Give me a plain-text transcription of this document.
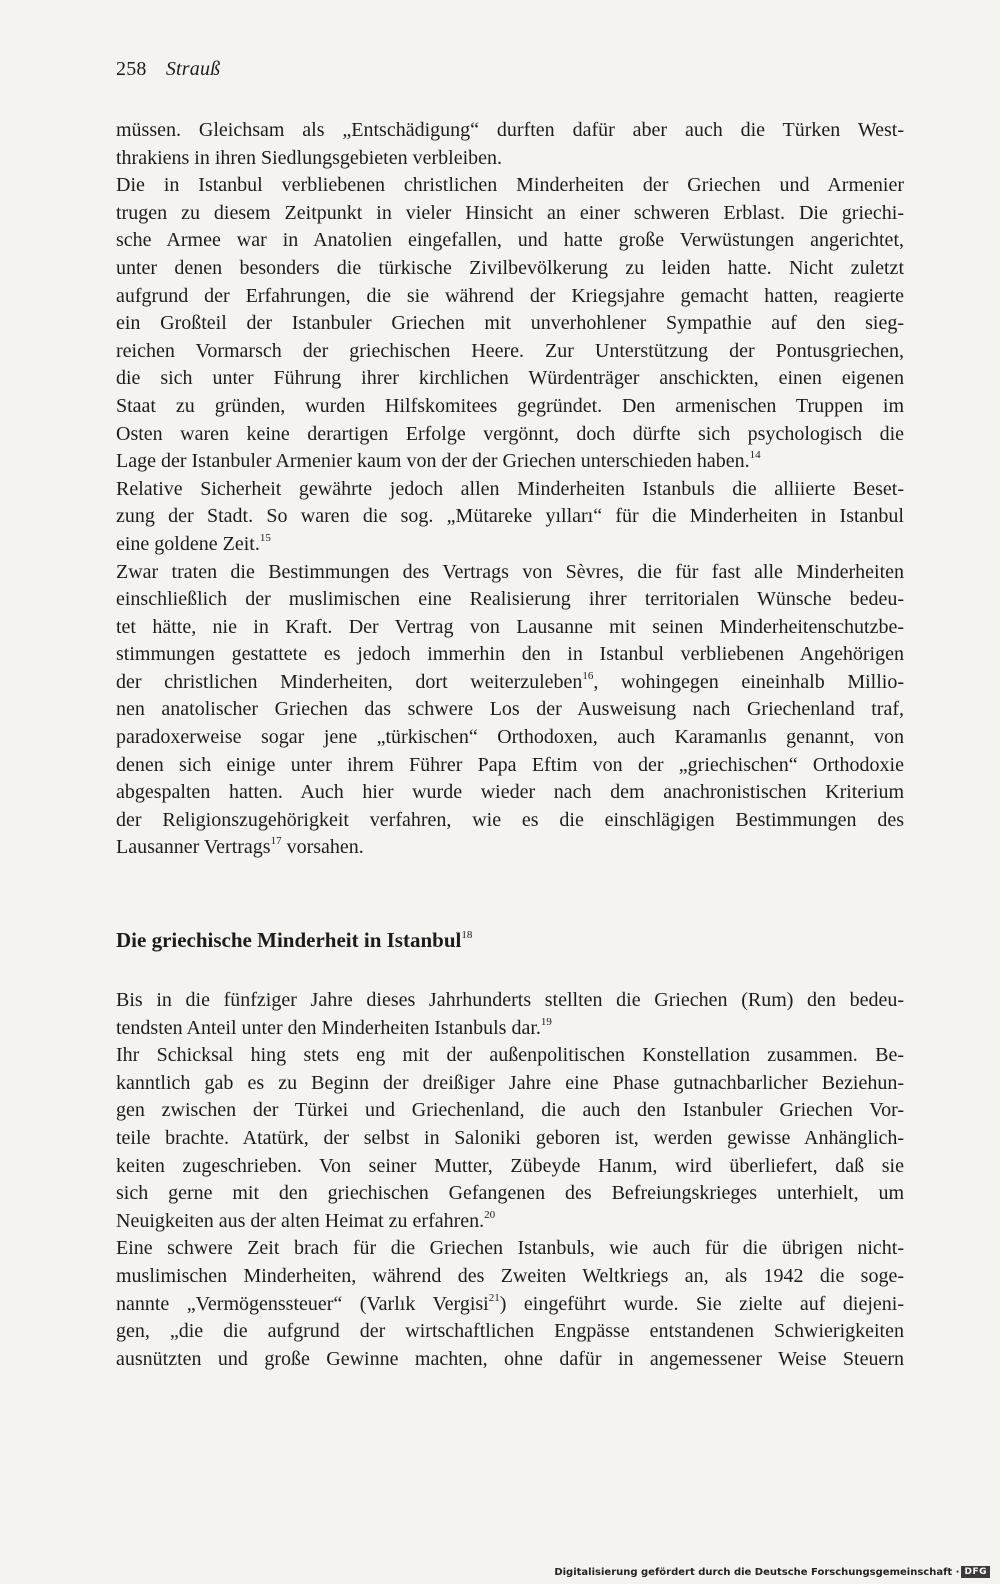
258 Strauß
müssen. Gleichsam als „Entschädigung“ durften dafür aber auch die Türken West-
thrakiens in ihren Siedlungsgebieten verbleiben.
Die in Istanbul verbliebenen christlichen Minderheiten der Griechen und Armenier
trugen zu diesem Zeitpunkt in vieler Hinsicht an einer schweren Erblast. Die griechi-
sche Armee war in Anatolien eingefallen, und hatte große Verwüstungen angerichtet,
unter denen besonders die türkische Zivilbevölkerung zu leiden hatte. Nicht zuletzt
aufgrund der Erfahrungen, die sie während der Kriegsjahre gemacht hatten, reagierte
ein Großteil der Istanbuler Griechen mit unverhohlener Sympathie auf den sieg-
reichen Vormarsch der griechischen Heere. Zur Unterstützung der Pontusgriechen,
die sich unter Führung ihrer kirchlichen Würdenträger anschickten, einen eigenen
Staat zu gründen, wurden Hilfskomitees gegründet. Den armenischen Truppen im
Osten waren keine derartigen Erfolge vergönnt, doch dürfte sich psychologisch die
Lage der Istanbuler Armenier kaum von der der Griechen unterschieden haben.$^{14}$
Relative Sicherheit gewährte jedoch allen Minderheiten Istanbuls die alliierte Beset-
zung der Stadt. So waren die sog. „Mütareke yılları“ für die Minderheiten in Istanbul
eine goldene Zeit.$^{15}$
Zwar traten die Bestimmungen des Vertrags von Sèvres, die für fast alle Minderheiten
einschließlich der muslimischen eine Realisierung ihrer territorialen Wünsche bedeu-
tet hätte, nie in Kraft. Der Vertrag von Lausanne mit seinen Minderheitenschutzbe-
stimmungen gestattete es jedoch immerhin den in Istanbul verbliebenen Angehörigen
der christlichen Minderheiten, dort weiterzuleben$^{16}$, wohingegen eineinhalb Millio-
nen anatolischer Griechen das schwere Los der Ausweisung nach Griechenland traf,
paradoxerweise sogar jene „türkischen“ Orthodoxen, auch Karamanlıs genannt, von
denen sich einige unter ihrem Führer Papa Eftim von der „griechischen“ Orthodoxie
abgespalten hatten. Auch hier wurde wieder nach dem anachronistischen Kriterium
der Religionszugehörigkeit verfahren, wie es die einschlägigen Bestimmungen des
Lausanner Vertrags$^{17}$ vorsahen.
Die griechische Minderheit in Istanbul$^{18}$
Bis in die fünfziger Jahre dieses Jahrhunderts stellten die Griechen (Rum) den bedeu-
tendsten Anteil unter den Minderheiten Istanbuls dar.$^{19}$
Ihr Schicksal hing stets eng mit der außenpolitischen Konstellation zusammen. Be-
kanntlich gab es zu Beginn der dreißiger Jahre eine Phase gutnachbarlicher Beziehun-
gen zwischen der Türkei und Griechenland, die auch den Istanbuler Griechen Vor-
teile brachte. Atatürk, der selbst in Saloniki geboren ist, werden gewisse Anhänglich-
keiten zugeschrieben. Von seiner Mutter, Zübeyde Hanım, wird überliefert, daß sie
sich gerne mit den griechischen Gefangenen des Befreiungskrieges unterhielt, um
Neuigkeiten aus der alten Heimat zu erfahren.$^{20}$
Eine schwere Zeit brach für die Griechen Istanbuls, wie auch für die übrigen nicht-
muslimischen Minderheiten, während des Zweiten Weltkriegs an, als 1942 die soge-
nannte „Vermögenssteuer“ (Varlık Vergisi$^{21}$) eingeführt wurde. Sie zielte auf diejeni-
gen, „die die aufgrund der wirtschaftlichen Engpässe entstandenen Schwierigkeiten
ausnützten und große Gewinne machten, ohne dafür in angemessener Weise Steuern
Digitalisierung gefördert durch die Deutsche Forschungsgemeinschaft · DFG
